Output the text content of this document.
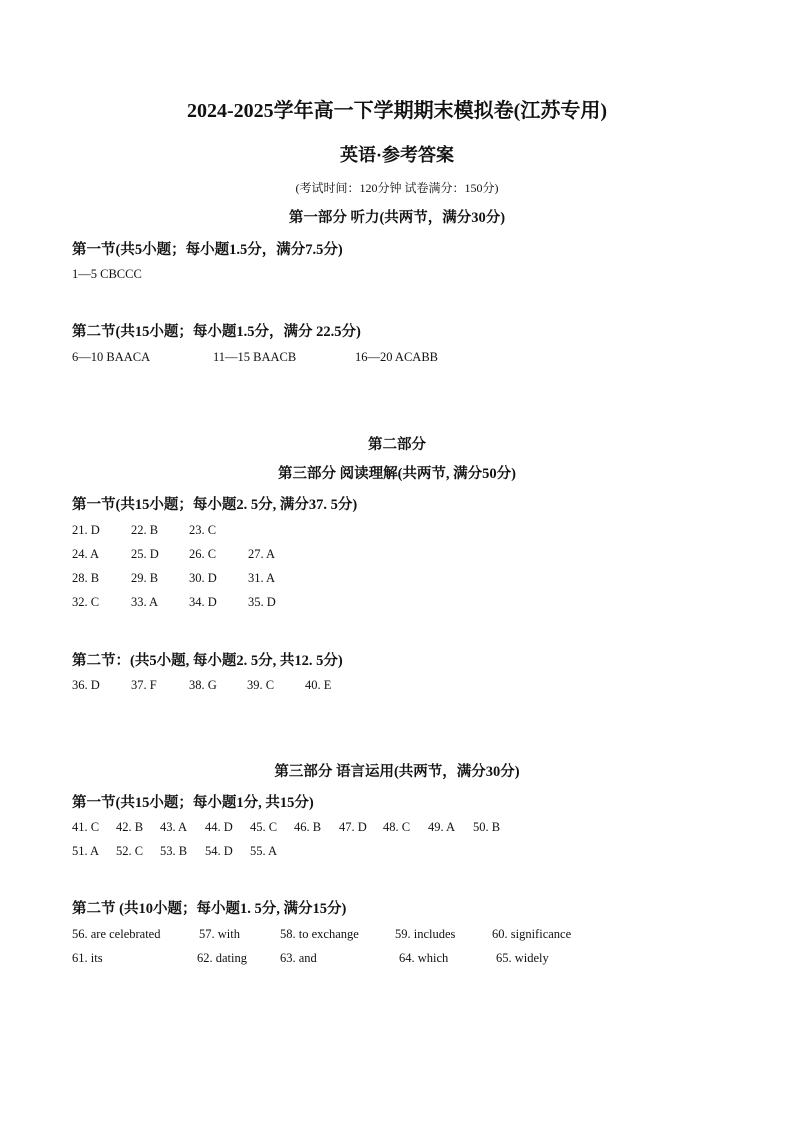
2024-2025学年高一下学期期末模拟卷(江苏专用)
英语·参考答案
(考试时间：120分钟 试卷满分：150分)
第一部分 听力(共两节，满分30分)
第一节(共5小题；每小题1.5分，满分7.5分)
1—5 CBCCC
第二节(共15小题；每小题1.5分，满分 22.5分)
6—10 BAACA	11—15 BAACB	16—20 ACABB
第二部分
第三部分 阅读理解(共两节, 满分50分)
第一节(共15小题；每小题2. 5分, 满分37. 5分)
21. D 22. B 23. C
24. A	25. D 26. C	27. A
28. B	29. B 30. D 31. A
32. C	33. A 34. D 35. D
第二节：(共5小题, 每小题2. 5分, 共12. 5分)
36. D 37. F	38. G 39. C 40. E
第三部分 语言运用(共两节，满分30分)
第一节(共15小题；每小题1分, 共15分)
41. C 42. B 43. A 44. D 45. C 46. B 47. D 48. C 49. A 50. B
51. A 52. C 53. B 54. D 55. A
第二节 (共10小题；每小题1. 5分, 满分15分)
56. are celebrated	57. with	58. to exchange	59. includes	60. significance
61. its	62. dating	63. and	64. which	65. widely
